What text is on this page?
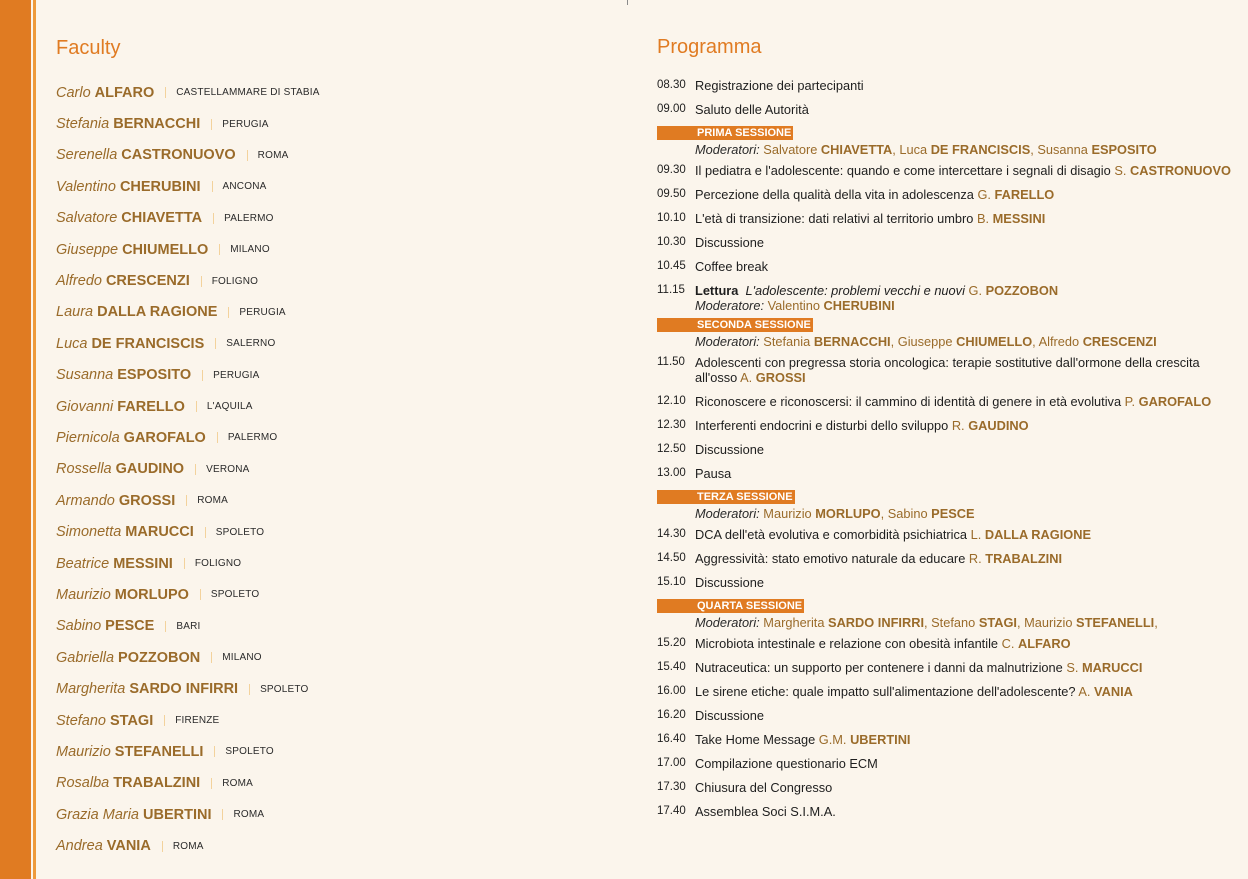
Faculty
Carlo ALFARO CASTELLAMMARE DI STABIA
Stefania BERNACCHI PERUGIA
Serenella CASTRONUOVO ROMA
Valentino CHERUBINI ANCONA
Salvatore CHIAVETTA PALERMO
Giuseppe CHIUMELLO MILANO
Alfredo CRESCENZI FOLIGNO
Laura DALLA RAGIONE PERUGIA
Luca DE FRANCISCIS SALERNO
Susanna ESPOSITO PERUGIA
Giovanni FARELLO L'AQUILA
Piernicola GAROFALO PALERMO
Rossella GAUDINO VERONA
Armando GROSSI ROMA
Simonetta MARUCCI SPOLETO
Beatrice MESSINI FOLIGNO
Maurizio MORLUPO SPOLETO
Sabino PESCE BARI
Gabriella POZZOBON MILANO
Margherita SARDO INFIRRI SPOLETO
Stefano STAGI FIRENZE
Maurizio STEFANELLI SPOLETO
Rosalba TRABALZINI ROMA
Grazia Maria UBERTINI ROMA
Andrea VANIA ROMA
Programma
08.30 Registrazione dei partecipanti
09.00 Saluto delle Autorità
PRIMA SESSIONE
Moderatori: Salvatore CHIAVETTA, Luca DE FRANCISCIS, Susanna ESPOSITO
09.30 Il pediatra e l'adolescente: quando e come intercettare i segnali di disagio S. CASTRONUOVO
09.50 Percezione della qualità della vita in adolescenza G. FARELLO
10.10 L'età di transizione: dati relativi al territorio umbro B. MESSINI
10.30 Discussione
10.45 Coffee break
11.15 Lettura L'adolescente: problemi vecchi e nuovi G. POZZOBON
Moderatore: Valentino CHERUBINI
SECONDA SESSIONE
Moderatori: Stefania BERNACCHI, Giuseppe CHIUMELLO, Alfredo CRESCENZI
11.50 Adolescenti con pregressa storia oncologica: terapie sostitutive dall'ormone della crescita all'osso A. GROSSI
12.10 Riconoscere e riconoscersi: il cammino di identità di genere in età evolutiva P. GAROFALO
12.30 Interferenti endocrini e disturbi dello sviluppo R. GAUDINO
12.50 Discussione
13.00 Pausa
TERZA SESSIONE
Moderatori: Maurizio MORLUPO, Sabino PESCE
14.30 DCA dell'età evolutiva e comorbidità psichiatrica L. DALLA RAGIONE
14.50 Aggressività: stato emotivo naturale da educare R. TRABALZINI
15.10 Discussione
QUARTA SESSIONE
Moderatori: Margherita SARDO INFIRRI, Stefano STAGI, Maurizio STEFANELLI,
15.20 Microbiota intestinale e relazione con obesità infantile C. ALFARO
15.40 Nutraceutica: un supporto per contenere i danni da malnutrizione S. MARUCCI
16.00 Le sirene etiche: quale impatto sull'alimentazione dell'adolescente? A. VANIA
16.20 Discussione
16.40 Take Home Message G.M. UBERTINI
17.00 Compilazione questionario ECM
17.30 Chiusura del Congresso
17.40 Assemblea Soci S.I.M.A.
